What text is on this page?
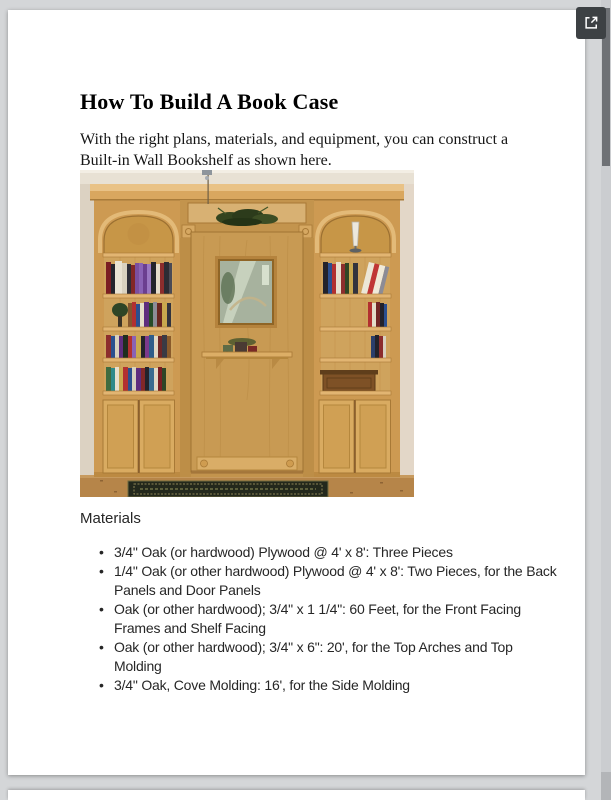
How To Build A Book Case

With the right plans, materials, and equipment, you can construct a
Built-in Wall Bookshelf as shown here.

Materials
• 3/4" Oak (or hardwood) Plywood @ 4' x 8': Three Pieces
• 1/4" Oak (or other hardwood) Plywood @ 4' x 8': Two Pieces, for the Back Panels and Door Panels
• Oak (or other hardwood); 3/4" x 1 1/4": 60 Feet, for the Front Facing Frames and Shelf Facing
• Oak (or other hardwood); 3/4" x 6": 20', for the Top Arches and Top Molding
• 3/4" Oak, Cove Molding: 16', for the Side Molding
